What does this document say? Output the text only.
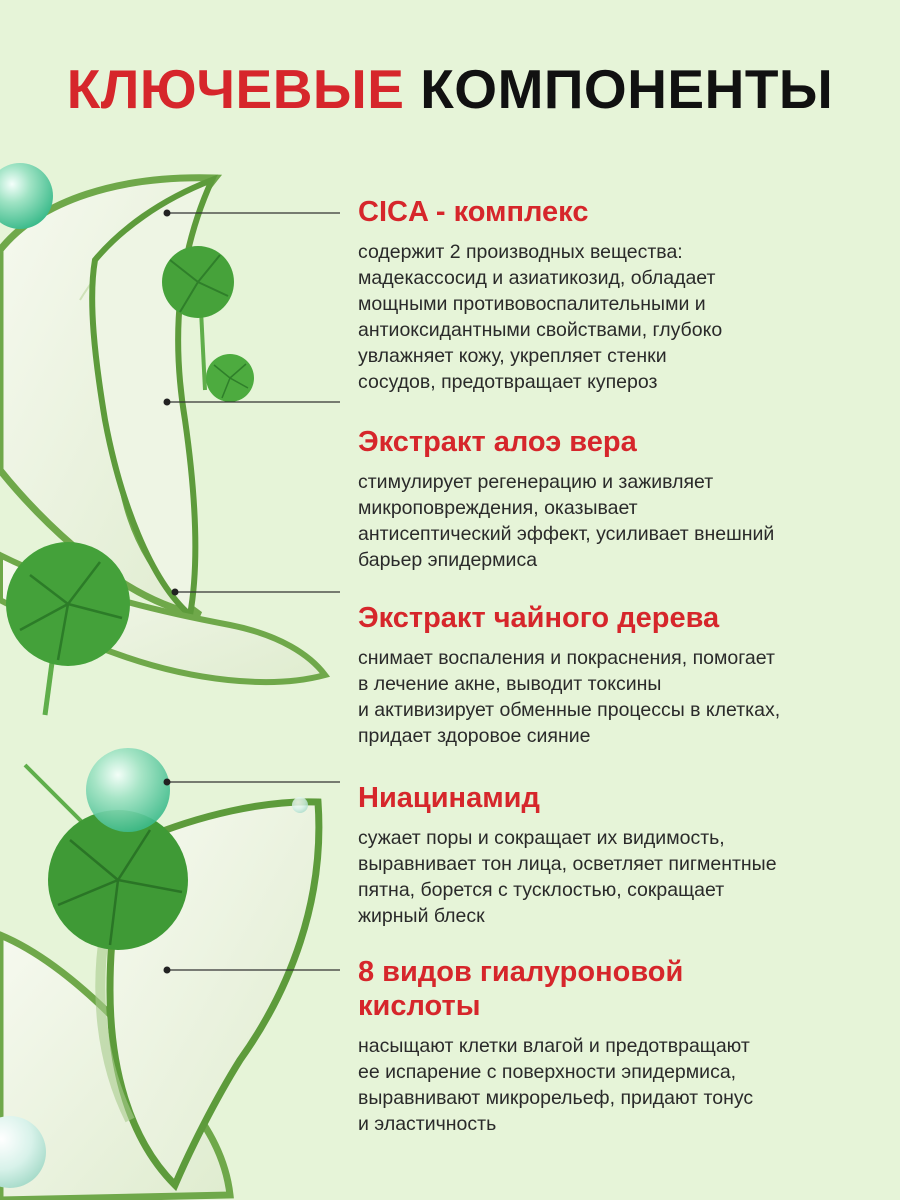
КЛЮЧЕВЫЕ КОМПОНЕНТЫ
CICA - комплекс
содержит 2 производных вещества:
мадекассосид и азиатикозид, обладает
мощными противовоспалительными и
антиоксидантными свойствами, глубоко
увлажняет кожу, укрепляет стенки
сосудов, предотвращает купероз
Экстракт алоэ вера
стимулирует регенерацию и заживляет
микроповреждения, оказывает
антисептический эффект, усиливает внешний
барьер эпидермиса
Экстракт чайного дерева
снимает воспаления и покраснения, помогает
в лечение акне, выводит токсины
и активизирует обменные процессы в клетках,
придает здоровое сияние
Ниацинамид
сужает поры и сокращает их видимость,
выравнивает тон лица, осветляет пигментные
пятна, борется с тусклостью, сокращает
жирный блеск
8 видов гиалуроновой
кислоты
насыщают клетки влагой и предотвращают
ее испарение с поверхности эпидермиса,
выравнивают микрорельеф, придают тонус
и эластичность
